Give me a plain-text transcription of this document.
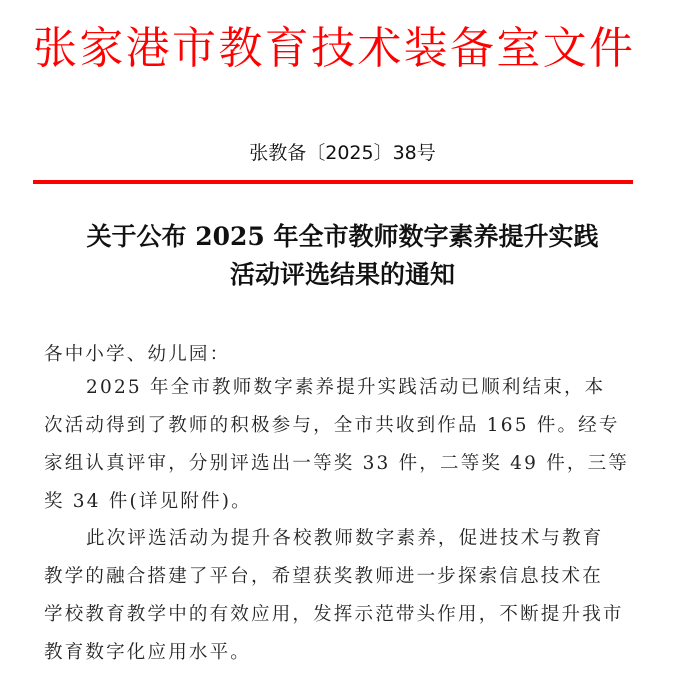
张家港市教育技术装备室文件
张教备〔2025〕38号
关于公布 2025 年全市教师数字素养提升实践
活动评选结果的通知
各中小学、幼儿园：
2025 年全市教师数字素养提升实践活动已顺利结束，本
次活动得到了教师的积极参与，全市共收到作品 165 件。经专
家组认真评审，分别评选出一等奖 33 件，二等奖 49 件，三等
奖 34 件(详见附件)。
此次评选活动为提升各校教师数字素养，促进技术与教育
教学的融合搭建了平台，希望获奖教师进一步探索信息技术在
学校教育教学中的有效应用，发挥示范带头作用，不断提升我市
教育数字化应用水平。
